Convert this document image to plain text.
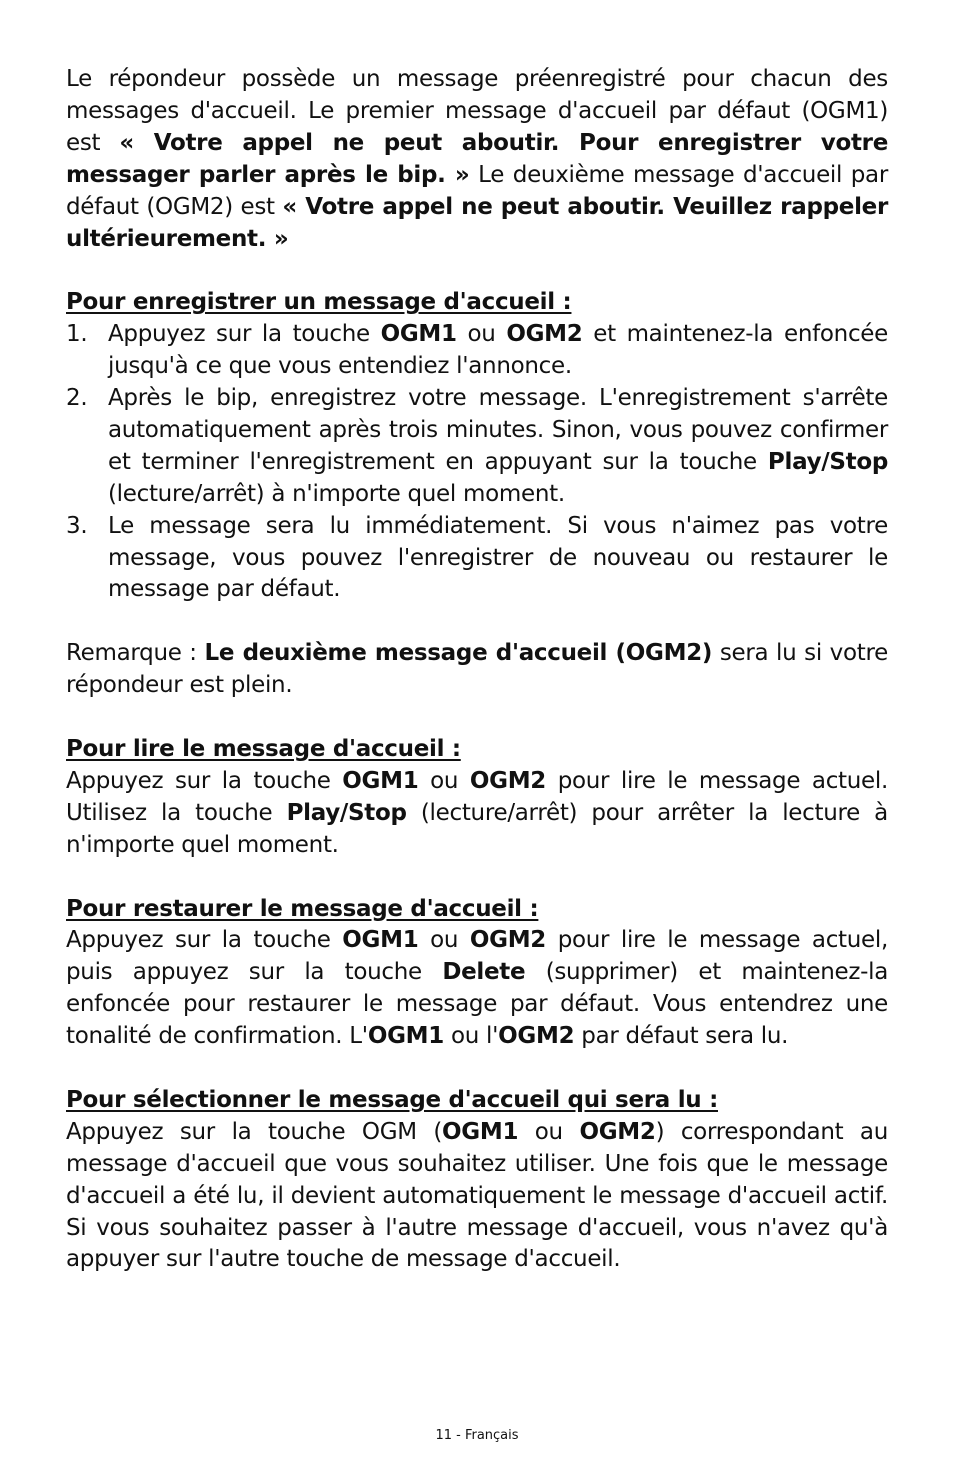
Le répondeur possède un message préenregistré pour chacun des messages d'accueil. Le premier message d'accueil par défaut (OGM1) est « Votre appel ne peut aboutir. Pour enregistrer votre messager parler après le bip. » Le deuxième message d'accueil par défaut (OGM2) est « Votre appel ne peut aboutir. Veuillez rappeler ultérieurement. »

Pour enregistrer un message d'accueil :

1. Appuyez sur la touche OGM1 ou OGM2 et maintenez-la enfoncée jusqu'à ce que vous entendiez l'annonce.
2. Après le bip, enregistrez votre message. L'enregistrement s'arrête automatiquement après trois minutes. Sinon, vous pouvez confirmer et terminer l'enregistrement en appuyant sur la touche Play/Stop (lecture/arrêt) à n'importe quel moment.
3. Le message sera lu immédiatement. Si vous n'aimez pas votre message, vous pouvez l'enregistrer de nouveau ou restaurer le message par défaut.

Remarque : Le deuxième message d'accueil (OGM2) sera lu si votre répondeur est plein.

Pour lire le message d'accueil :

Appuyez sur la touche OGM1 ou OGM2 pour lire le message actuel. Utilisez la touche Play/Stop (lecture/arrêt) pour arrêter la lecture à n'importe quel moment.

Pour restaurer le message d'accueil :

Appuyez sur la touche OGM1 ou OGM2 pour lire le message actuel, puis appuyez sur la touche Delete (supprimer) et maintenez-la enfoncée pour restaurer le message par défaut. Vous entendrez une tonalité de confirmation. L'OGM1 ou l'OGM2 par défaut sera lu.

Pour sélectionner le message d'accueil qui sera lu :

Appuyez sur la touche OGM (OGM1 ou OGM2) correspondant au message d'accueil que vous souhaitez utiliser. Une fois que le message d'accueil a été lu, il devient automatiquement le message d'accueil actif. Si vous souhaitez passer à l'autre message d'accueil, vous n'avez qu'à appuyer sur l'autre touche de message d'accueil.

11 - Français
